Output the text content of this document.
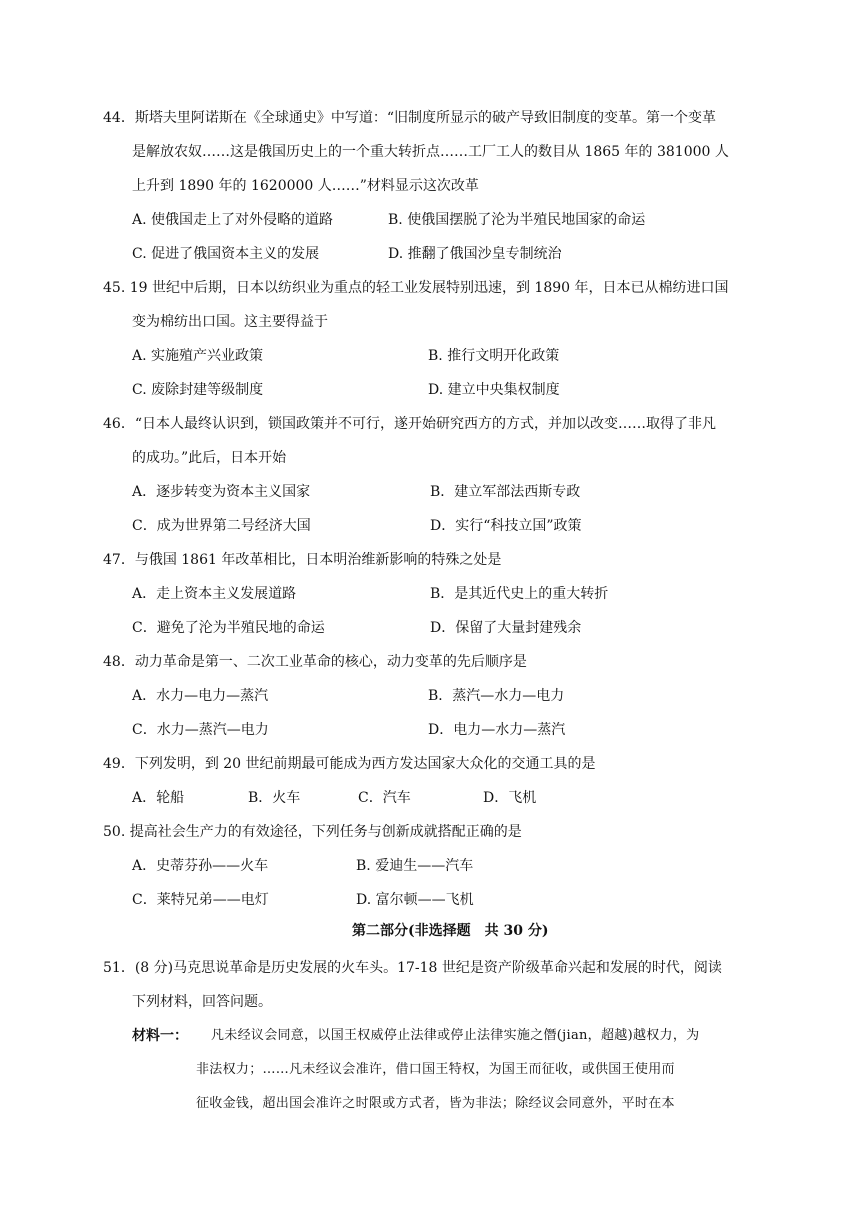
44．斯塔夫里阿诺斯在《全球通史》中写道：“旧制度所显示的破产导致旧制度的变革。第一个变革
是解放农奴……这是俄国历史上的一个重大转折点……工厂工人的数目从 1865 年的 381000 人
上升到 1890 年的 1620000 人……”材料显示这次改革
A. 使俄国走上了对外侵略的道路	B. 使俄国摆脱了沦为半殖民地国家的命运
C. 促进了俄国资本主义的发展	D. 推翻了俄国沙皇专制统治
45. 19 世纪中后期，日本以纺织业为重点的轻工业发展特别迅速，到 1890 年，日本已从棉纺进口国
变为棉纺出口国。这主要得益于
A. 实施殖产兴业政策	B. 推行文明开化政策
C. 废除封建等级制度	D. 建立中央集权制度
46．“日本人最终认识到，锁国政策并不可行，遂开始研究西方的方式，并加以改变……取得了非凡
的成功。”此后，日本开始
A．逐步转变为资本主义国家	B．建立军部法西斯专政
C．成为世界第二号经济大国	D．实行“科技立国”政策
47．与俄国 1861 年改革相比，日本明治维新影响的特殊之处是
A．走上资本主义发展道路	B．是其近代史上的重大转折
C．避免了沦为半殖民地的命运	D．保留了大量封建残余
48．动力革命是第一、二次工业革命的核心，动力变革的先后顺序是
A．水力—电力—蒸汽	B．蒸汽—水力—电力
C．水力—蒸汽—电力	D．电力—水力—蒸汽
49．下列发明，到 20 世纪前期最可能成为西方发达国家大众化的交通工具的是
A．轮船	B．火车	C．汽车	D．飞机
50. 提高社会生产力的有效途径，下列任务与创新成就搭配正确的是
A．史蒂芬孙——火车	B. 爱迪生——汽车
C．莱特兄弟——电灯	D. 富尔顿——飞机
第二部分(非选择题　共 30 分)
51．(8 分)马克思说革命是历史发展的火车头。17-18 世纪是资产阶级革命兴起和发展的时代，阅读
下列材料，回答问题。
材料一： 凡未经议会同意，以国王权威停止法律或停止法律实施之僭(jian，超越)越权力，为
非法权力；……凡未经议会准许，借口国王特权，为国王而征收，或供国王使用而
征收金钱，超出国会准许之时限或方式者，皆为非法；除经议会同意外，平时在本
